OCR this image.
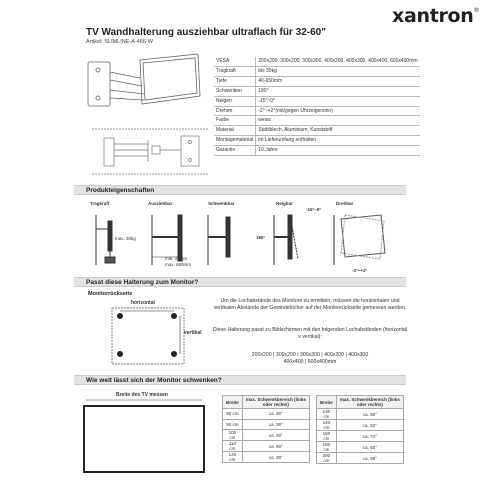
xantron®
TV Wandhalterung ausziehbar ultraflach für 32-60"
Artikel: SLIMLINE-A-466-W
VESA	200x200, 300x200, 300x300, 400x200, 400x300, 400x400, 600x400mm
Tragkraft	bis 30kg
Tiefe	40-650mm
Schwenken	180°
Neigen	-15°~0°
Drehen	-2°~+2°(mit/gegen Uhrzeigersinn)
Farbe	weiss
Material	Stahlblech, Aluminium, Kunststoff
Montagematerial	im Lieferumfang enthalten
Garantie	10 Jahre
Produkteigenschaften
Tragkraft	Ausziehbar	Schwenkbar	Neigbar	Drehbar
max. 30kg
min. 40mm
max. 650mm
180°
-15°~0°
-2°~+2°
Passt diese Halterung zum Monitor?
Monitorrückseite
horizontal
vertikal
Um die Lochabstände des Monitors zu ermitteln, müssen die horizontalen und vertikalen Abstände der Gewindelöcher auf der Monitorrückseite gemessen werden.
Diese Halterung passt zu Bildschirmen mit den folgenden Lochabständen (horizontal x vertikal):
200x200 | 300x200 | 300x300 | 400x200 | 400x300
400x400 | 600x400mm
Wie weit lässt sich der Monitor schwenken?
Breite des TV messen
Breite	max. Schwenkbereich (links oder rechts)
80 cm	ca. 90°
90 cm	ca. 90°
100 cm	ca. 90°
110 cm	ca. 90°
120 cm	ca. 90°
Breite	max. Schwenkbereich (links oder rechts)
130 cm	ca. 90°
140 cm	ca. 83°
160 cm	ca. 73°
180 cm	ca. 65°
200 cm	ca. 58°
